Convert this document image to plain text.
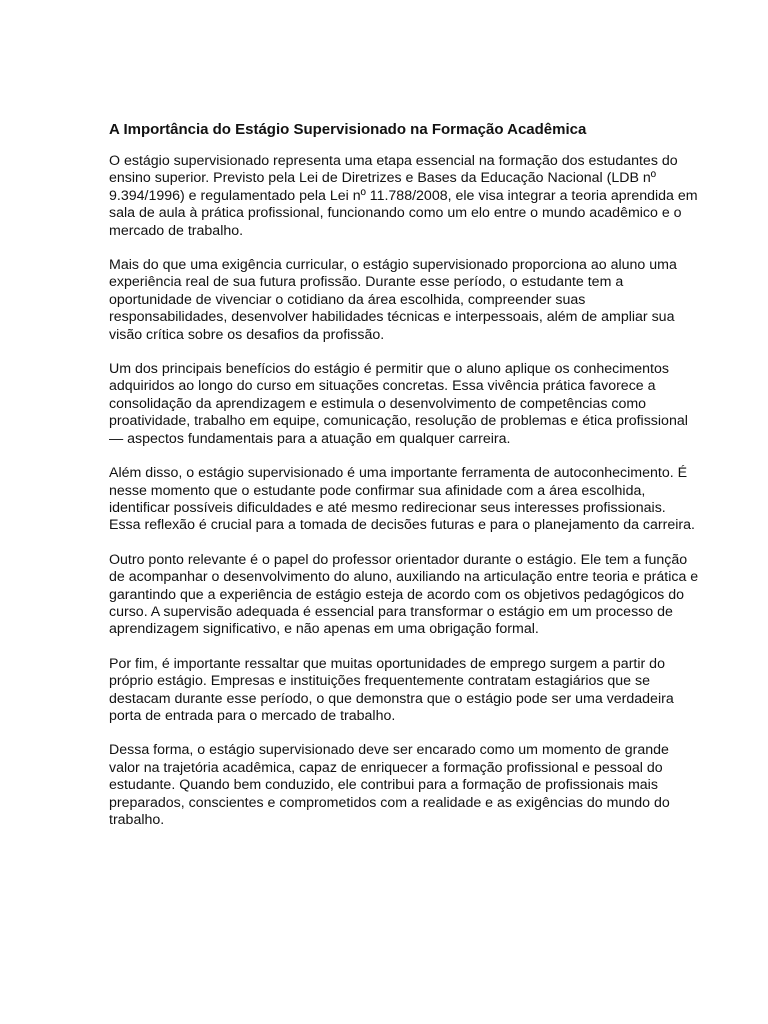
A Importância do Estágio Supervisionado na Formação Acadêmica

O estágio supervisionado representa uma etapa essencial na formação dos estudantes do ensino superior. Previsto pela Lei de Diretrizes e Bases da Educação Nacional (LDB nº 9.394/1996) e regulamentado pela Lei nº 11.788/2008, ele visa integrar a teoria aprendida em sala de aula à prática profissional, funcionando como um elo entre o mundo acadêmico e o mercado de trabalho.

Mais do que uma exigência curricular, o estágio supervisionado proporciona ao aluno uma experiência real de sua futura profissão. Durante esse período, o estudante tem a oportunidade de vivenciar o cotidiano da área escolhida, compreender suas responsabilidades, desenvolver habilidades técnicas e interpessoais, além de ampliar sua visão crítica sobre os desafios da profissão.

Um dos principais benefícios do estágio é permitir que o aluno aplique os conhecimentos adquiridos ao longo do curso em situações concretas. Essa vivência prática favorece a consolidação da aprendizagem e estimula o desenvolvimento de competências como proatividade, trabalho em equipe, comunicação, resolução de problemas e ética profissional — aspectos fundamentais para a atuação em qualquer carreira.

Além disso, o estágio supervisionado é uma importante ferramenta de autoconhecimento. É nesse momento que o estudante pode confirmar sua afinidade com a área escolhida, identificar possíveis dificuldades e até mesmo redirecionar seus interesses profissionais. Essa reflexão é crucial para a tomada de decisões futuras e para o planejamento da carreira.

Outro ponto relevante é o papel do professor orientador durante o estágio. Ele tem a função de acompanhar o desenvolvimento do aluno, auxiliando na articulação entre teoria e prática e garantindo que a experiência de estágio esteja de acordo com os objetivos pedagógicos do curso. A supervisão adequada é essencial para transformar o estágio em um processo de aprendizagem significativo, e não apenas em uma obrigação formal.

Por fim, é importante ressaltar que muitas oportunidades de emprego surgem a partir do próprio estágio. Empresas e instituições frequentemente contratam estagiários que se destacam durante esse período, o que demonstra que o estágio pode ser uma verdadeira porta de entrada para o mercado de trabalho.

Dessa forma, o estágio supervisionado deve ser encarado como um momento de grande valor na trajetória acadêmica, capaz de enriquecer a formação profissional e pessoal do estudante. Quando bem conduzido, ele contribui para a formação de profissionais mais preparados, conscientes e comprometidos com a realidade e as exigências do mundo do trabalho.
